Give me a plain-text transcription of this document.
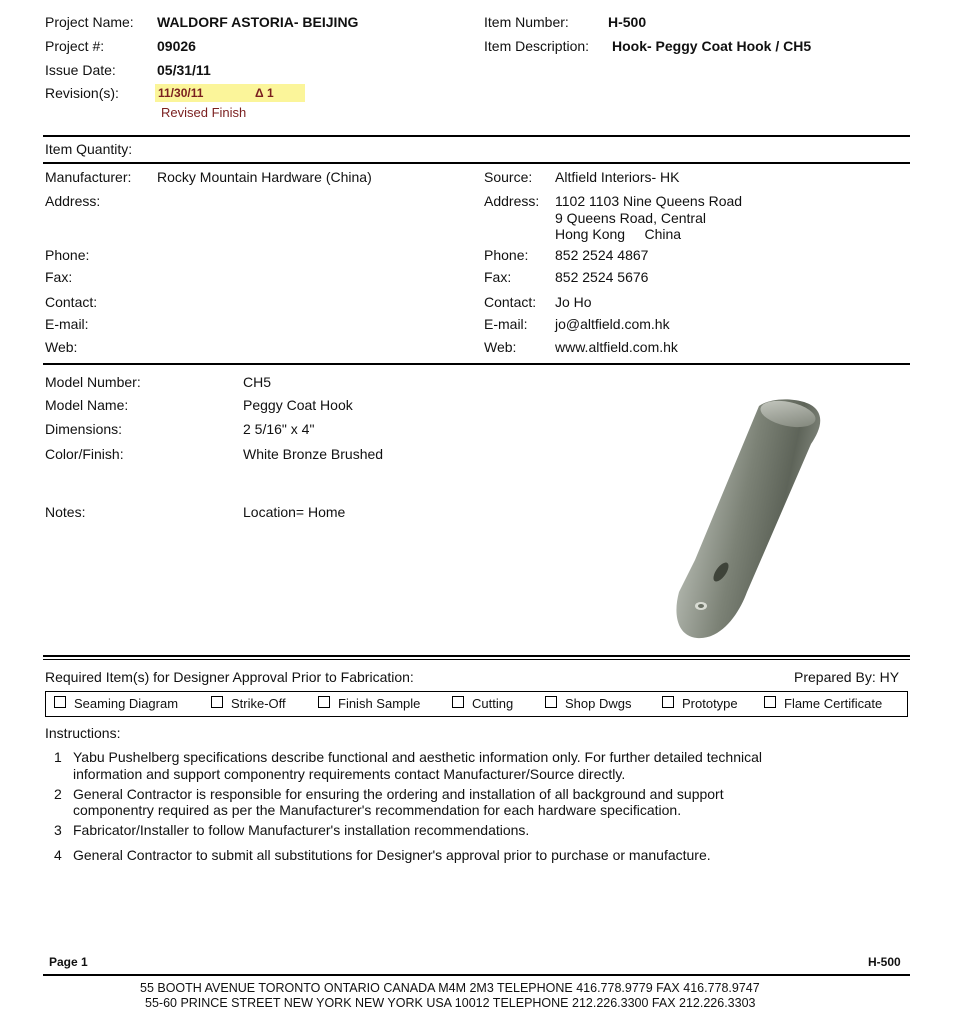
Project Name: WALDORF ASTORIA- BEIJING
Project #:	09026
Issue Date:	05/31/11
Revision(s):	11/30/11	Δ 1
Revised Finish
Item Number:	H-500
Item Description: Hook- Peggy Coat Hook / CH5
Item Quantity:
Manufacturer: Rocky Mountain Hardware (China)
Address:
Phone:
Fax:
Contact:
E-mail:
Web:
Source: Altfield Interiors- HK
Address: 1102 1103 Nine Queens Road
9 Queens Road, Central
Hong Kong     China
Phone: 852 2524 4867
Fax:	852 2524 5676
Contact: Jo Ho
E-mail: jo@altfield.com.hk
Web:	www.altfield.com.hk
Model Number:	CH5
Model Name:	Peggy Coat Hook
Dimensions:	2 5/16" x 4"
Color/Finish:	White Bronze Brushed
Notes:	Location= Home
Required Item(s) for Designer Approval Prior to Fabrication:	Prepared By: HY
Seaming Diagram	Strike-Off	Finish Sample	Cutting	Shop Dwgs	Prototype	Flame Certificate
Instructions:
1 Yabu Pushelberg specifications describe functional and aesthetic information only. For further detailed technical
information and support componentry requirements contact Manufacturer/Source directly.
2 General Contractor is responsible for ensuring the ordering and installation of all background and support
componentry required as per the Manufacturer's recommendation for each hardware specification.
3 Fabricator/Installer to follow Manufacturer's installation recommendations.
4 General Contractor to submit all substitutions for Designer's approval prior to purchase or manufacture.
Page 1	H-500
55 BOOTH AVENUE TORONTO ONTARIO CANADA M4M 2M3 TELEPHONE 416.778.9779 FAX 416.778.9747
55-60 PRINCE STREET NEW YORK NEW YORK USA 10012 TELEPHONE 212.226.3300 FAX 212.226.3303
